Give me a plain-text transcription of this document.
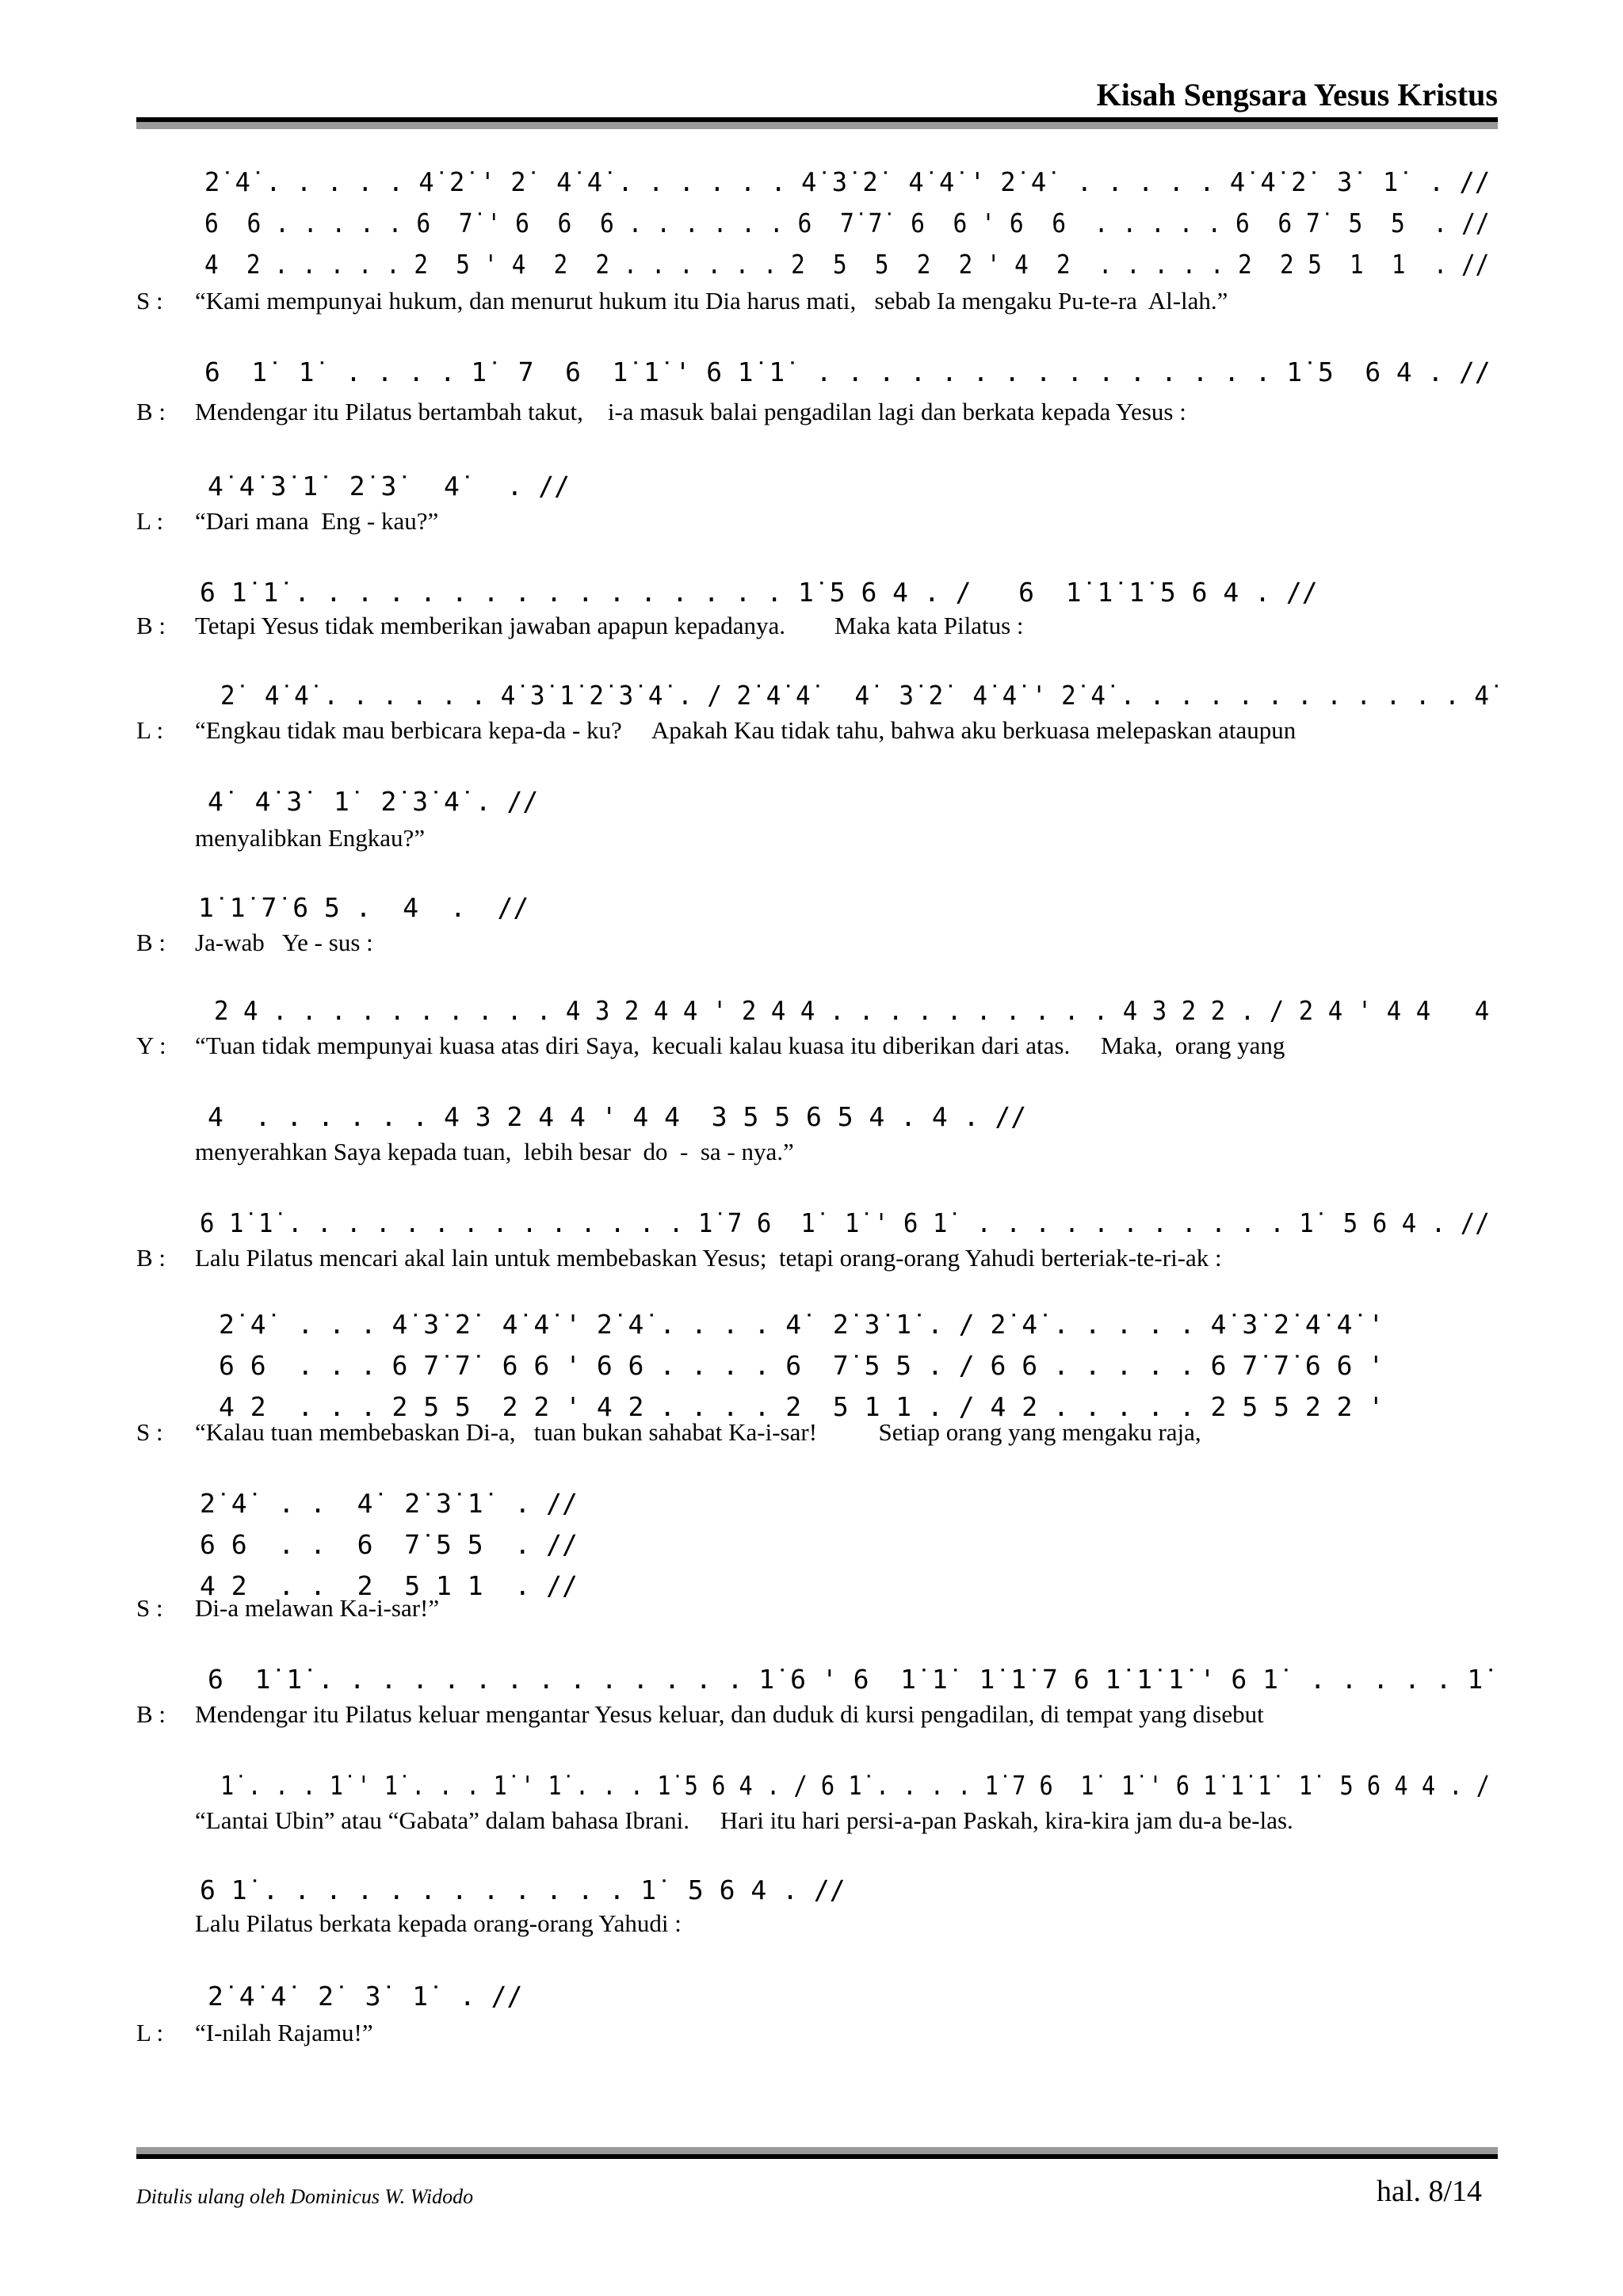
Kisah Sengsara Yesus Kristus
2̇ 4̇ . . . . . 4̇ 2̇ ' 2̇  4̇ 4̇ . . . . . . 4̇ 3̇ 2̇  4̇ 4̇ ' 2̇ 4̇  . . . . . 4̇ 4̇ 2̇  3̇  1̇  . //
6  6 . . . . . 6  7̇ ' 6  6  6 . . . . . . 6  7̇ 7̇  6  6 ' 6  6  . . . . . 6  6 7̇  5  5  . //
4  2 . . . . . 2  5 ' 4  2  2 . . . . . . 2  5  5  2  2 ' 4  2  . . . . . 2  2 5  1  1  . //
S :	“Kami mempunyai hukum, dan menurut hukum itu Dia harus mati,   sebab Ia mengaku Pu-te-ra  Al-lah.”
6  1̇  1̇  . . . . 1̇  7  6  1̇ 1̇ ' 6 1̇ 1̇  . . . . . . . . . . . . . . . 1̇ 5  6 4 . //
B :	Mendengar itu Pilatus bertambah takut,    i-a masuk balai pengadilan lagi dan berkata kepada Yesus :
4̇ 4̇ 3̇ 1̇  2̇ 3̇   4̇   . //
L :	“Dari mana  Eng - kau?”
6 1̇ 1̇ . . . . . . . . . . . . . . . . 1̇ 5 6 4 . /   6  1̇ 1̇ 1̇ 5 6 4 . //
B :	Tetapi Yesus tidak memberikan jawaban apapun kepadanya.        Maka kata Pilatus :
2̇  4̇ 4̇ . . . . . . 4̇ 3̇ 1̇ 2̇ 3̇ 4̇ . / 2̇ 4̇ 4̇   4̇  3̇ 2̇  4̇ 4̇ ' 2̇ 4̇ . . . . . . . . . . . . 4̇
L :	“Engkau tidak mau berbicara kepa-da - ku?     Apakah Kau tidak tahu, bahwa aku berkuasa melepaskan ataupun
4̇  4̇ 3̇  1̇  2̇ 3̇ 4̇ . //
menyalibkan Engkau?”
1̇ 1̇ 7̇ 6 5 .  4  .  //
B :	Ja-wab   Ye - sus :
2 4 . . . . . . . . . . 4 3 2 4 4 ' 2 4 4 . . . . . . . . . . 4 3 2 2 . / 2 4 ' 4 4   4
Y :	“Tuan tidak mempunyai kuasa atas diri Saya,  kecuali kalau kuasa itu diberikan dari atas.     Maka,  orang yang
4  . . . . . . 4 3 2 4 4 ' 4 4  3 5 5 6 5 4 . 4 . //
menyerahkan Saya kepada tuan,  lebih besar  do  -  sa - nya.”
6 1̇ 1̇ . . . . . . . . . . . . . . 1̇ 7 6  1̇  1̇ ' 6 1̇  . . . . . . . . . . . 1̇  5 6 4 . //
B :	Lalu Pilatus mencari akal lain untuk membebaskan Yesus;  tetapi orang-orang Yahudi berteriak-te-ri-ak :
2̇ 4̇  . . . 4̇ 3̇ 2̇  4̇ 4̇ ' 2̇ 4̇ . . . . 4̇  2̇ 3̇ 1̇ . / 2̇ 4̇ . . . . . 4̇ 3̇ 2̇ 4̇ 4̇ '
6 6  . . . 6 7̇ 7̇  6 6 ' 6 6 . . . . 6  7̇ 5 5 . / 6 6 . . . . . 6 7̇ 7̇ 6 6 '
4 2  . . . 2 5 5  2 2 ' 4 2 . . . . 2  5 1 1 . / 4 2 . . . . . 2 5 5 2 2 '
S :	“Kalau tuan membebaskan Di-a,   tuan bukan sahabat Ka-i-sar!          Setiap orang yang mengaku raja,
2̇ 4̇  . .  4̇  2̇ 3̇ 1̇  . //
6 6  . .  6  7̇ 5 5  . //
4 2  . .  2  5 1 1  . //
S :	Di-a melawan Ka-i-sar!”
6  1̇ 1̇ . . . . . . . . . . . . . . 1̇ 6 ' 6  1̇ 1̇  1̇ 1̇ 7 6 1̇ 1̇ 1̇ ' 6 1̇  . . . . . 1̇
B :	Mendengar itu Pilatus keluar mengantar Yesus keluar, dan duduk di kursi pengadilan, di tempat yang disebut
1̇ . . . 1̇ ' 1̇ . . . 1̇ ' 1̇ . . . 1̇ 5 6 4 . / 6 1̇ . . . . 1̇ 7 6  1̇  1̇ ' 6 1̇ 1̇ 1̇  1̇  5 6 4 4 . /
“Lantai Ubin” atau “Gabata” dalam bahasa Ibrani.     Hari itu hari persi-a-pan Paskah, kira-kira jam du-a be-las.
6 1̇ . . . . . . . . . . . . 1̇  5 6 4 . //
Lalu Pilatus berkata kepada orang-orang Yahudi :
2̇ 4̇ 4̇  2̇  3̇  1̇  . //
L :	“I-nilah Rajamu!”
Ditulis ulang oleh Dominicus W. Widodo	hal. 8/14
